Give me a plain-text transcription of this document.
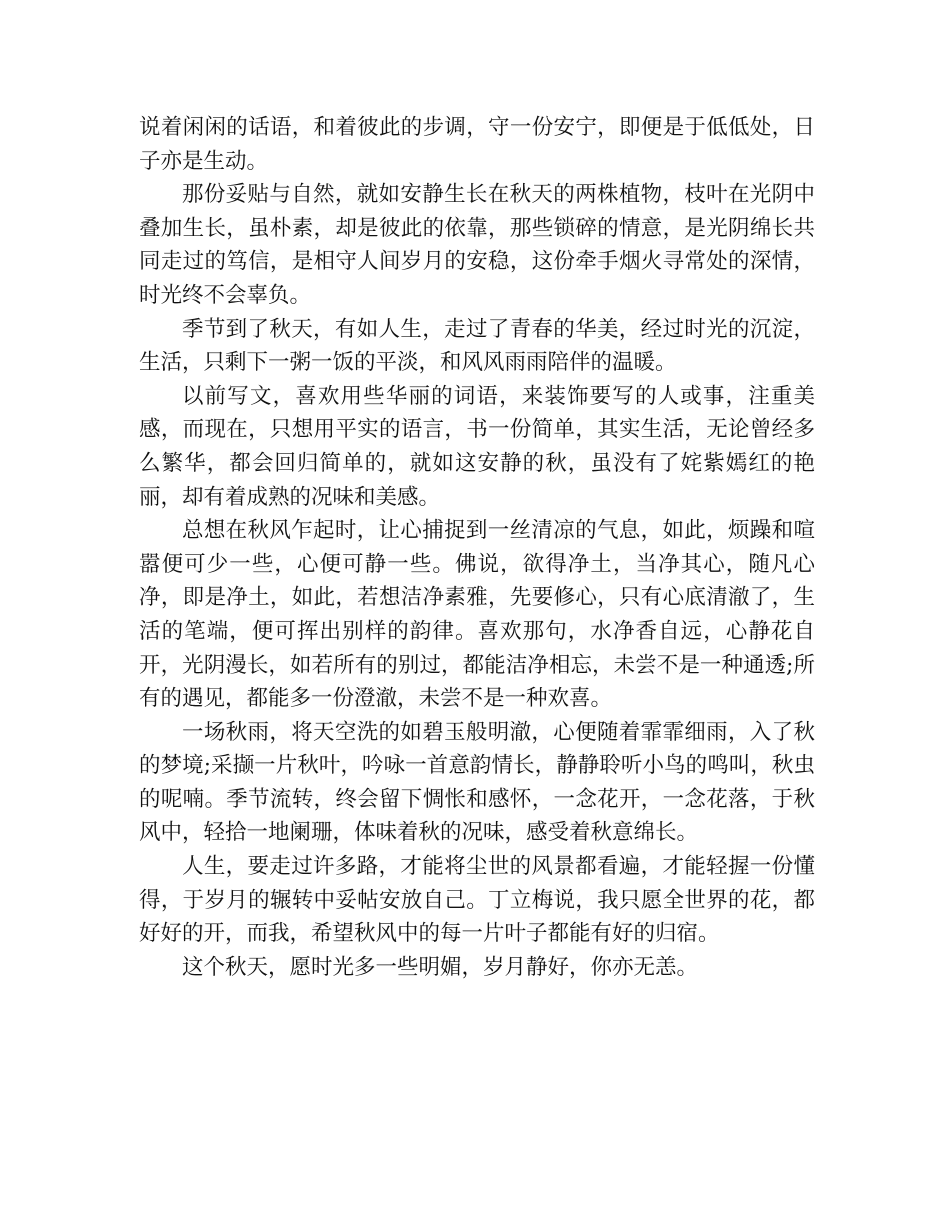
说着闲闲的话语，和着彼此的步调，守一份安宁，即便是于低低处，日子亦是生动。

那份妥贴与自然，就如安静生长在秋天的两株植物，枝叶在光阴中叠加生长，虽朴素，却是彼此的依靠，那些锁碎的情意，是光阴绵长共同走过的笃信，是相守人间岁月的安稳，这份牵手烟火寻常处的深情，时光终不会辜负。

季节到了秋天，有如人生，走过了青春的华美，经过时光的沉淀，生活，只剩下一粥一饭的平淡，和风风雨雨陪伴的温暖。

以前写文，喜欢用些华丽的词语，来装饰要写的人或事，注重美感，而现在，只想用平实的语言，书一份简单，其实生活，无论曾经多么繁华，都会回归简单的，就如这安静的秋，虽没有了姹紫嫣红的艳丽，却有着成熟的况味和美感。

总想在秋风乍起时，让心捕捉到一丝清凉的气息，如此，烦躁和喧嚣便可少一些，心便可静一些。佛说，欲得净土，当净其心，随凡心净，即是净土，如此，若想洁净素雅，先要修心，只有心底清澈了，生活的笔端，便可挥出别样的韵律。喜欢那句，水净香自远，心静花自开，光阴漫长，如若所有的别过，都能洁净相忘，未尝不是一种通透;所有的遇见，都能多一份澄澈，未尝不是一种欢喜。

一场秋雨，将天空洗的如碧玉般明澈，心便随着霏霏细雨，入了秋的梦境;采撷一片秋叶，吟咏一首意韵情长，静静聆听小鸟的鸣叫，秋虫的呢喃。季节流转，终会留下惆怅和感怀，一念花开，一念花落，于秋风中，轻拾一地阑珊，体味着秋的况味，感受着秋意绵长。

人生，要走过许多路，才能将尘世的风景都看遍，才能轻握一份懂得，于岁月的辗转中妥帖安放自己。丁立梅说，我只愿全世界的花，都好好的开，而我，希望秋风中的每一片叶子都能有好的归宿。

这个秋天，愿时光多一些明媚，岁月静好，你亦无恙。
